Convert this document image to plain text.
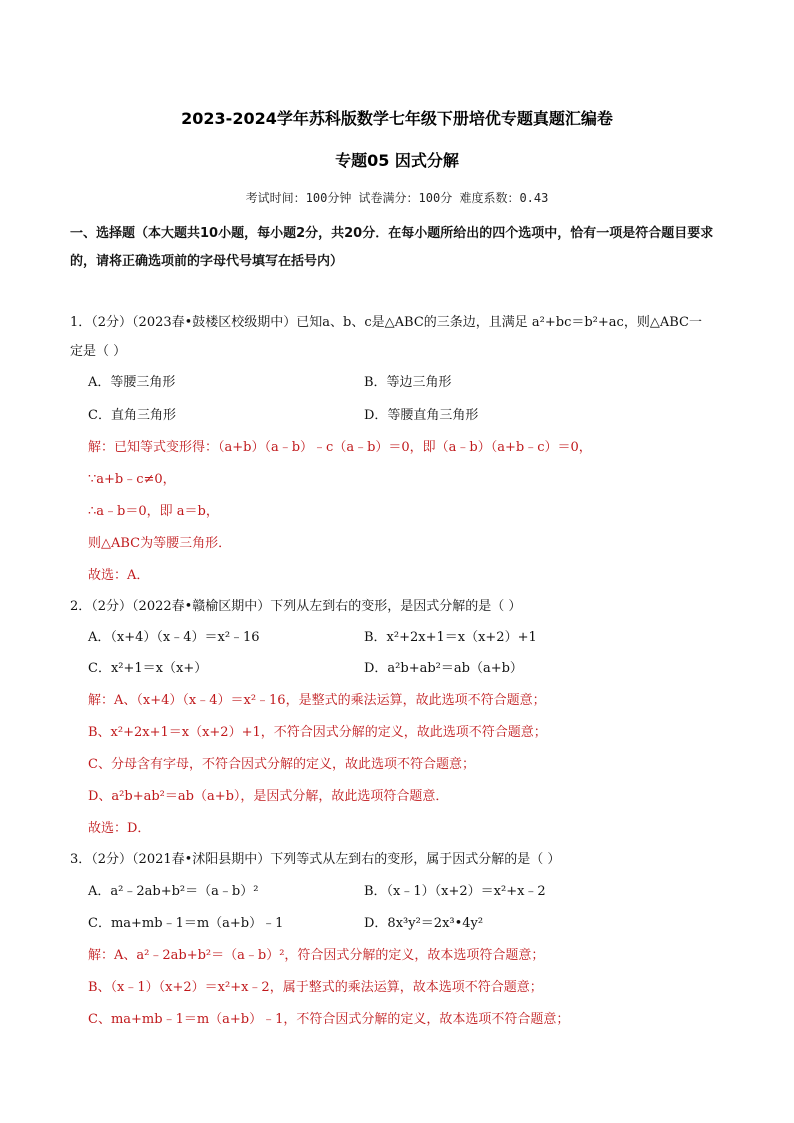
2023-2024学年苏科版数学七年级下册培优专题真题汇编卷
专题05 因式分解
考试时间：100分钟 试卷满分：100分 难度系数：0.43
一、选择题（本大题共10小题，每小题2分，共20分．在每小题所给出的四个选项中，恰有一项是符合题目要求的，请将正确选项前的字母代号填写在括号内）
1．（2分）（2023春•鼓楼区校级期中）已知a、b、c是△ABC的三条边，且满足 a²+bc＝b²+ac，则△ABC一
定是（ ）
A．等腰三角形	B．等边三角形
C．直角三角形	D．等腰直角三角形
解：已知等式变形得：（a+b）（a﹣b）﹣c（a﹣b）＝0，即（a﹣b）（a+b﹣c）＝0，
∵a+b﹣c≠0，
∴a﹣b＝0，即 a＝b，
则△ABC为等腰三角形．
故选：A．
2．（2分）（2022春•赣榆区期中）下列从左到右的变形，是因式分解的是（ ）
A．（x+4）（x﹣4）＝x²﹣16	B．x²+2x+1＝x（x+2）+1
C．x²+1＝x（x+）	D．a²b+ab²＝ab（a+b）
解：A、（x+4）（x﹣4）＝x²﹣16，是整式的乘法运算，故此选项不符合题意；
B、x²+2x+1＝x（x+2）+1，不符合因式分解的定义，故此选项不符合题意；
C、分母含有字母，不符合因式分解的定义，故此选项不符合题意；
D、a²b+ab²＝ab（a+b），是因式分解，故此选项符合题意．
故选：D．
3．（2分）（2021春•沭阳县期中）下列等式从左到右的变形，属于因式分解的是（ ）
A．a²﹣2ab+b²＝（a﹣b）²	B．（x﹣1）（x+2）＝x²+x﹣2
C．ma+mb﹣1＝m（a+b）﹣1	D．8x³y²＝2x³•4y²
解：A、a²﹣2ab+b²＝（a﹣b）²，符合因式分解的定义，故本选项符合题意；
B、（x﹣1）（x+2）＝x²+x﹣2，属于整式的乘法运算，故本选项不符合题意；
C、ma+mb﹣1＝m（a+b）﹣1，不符合因式分解的定义，故本选项不符合题意；
